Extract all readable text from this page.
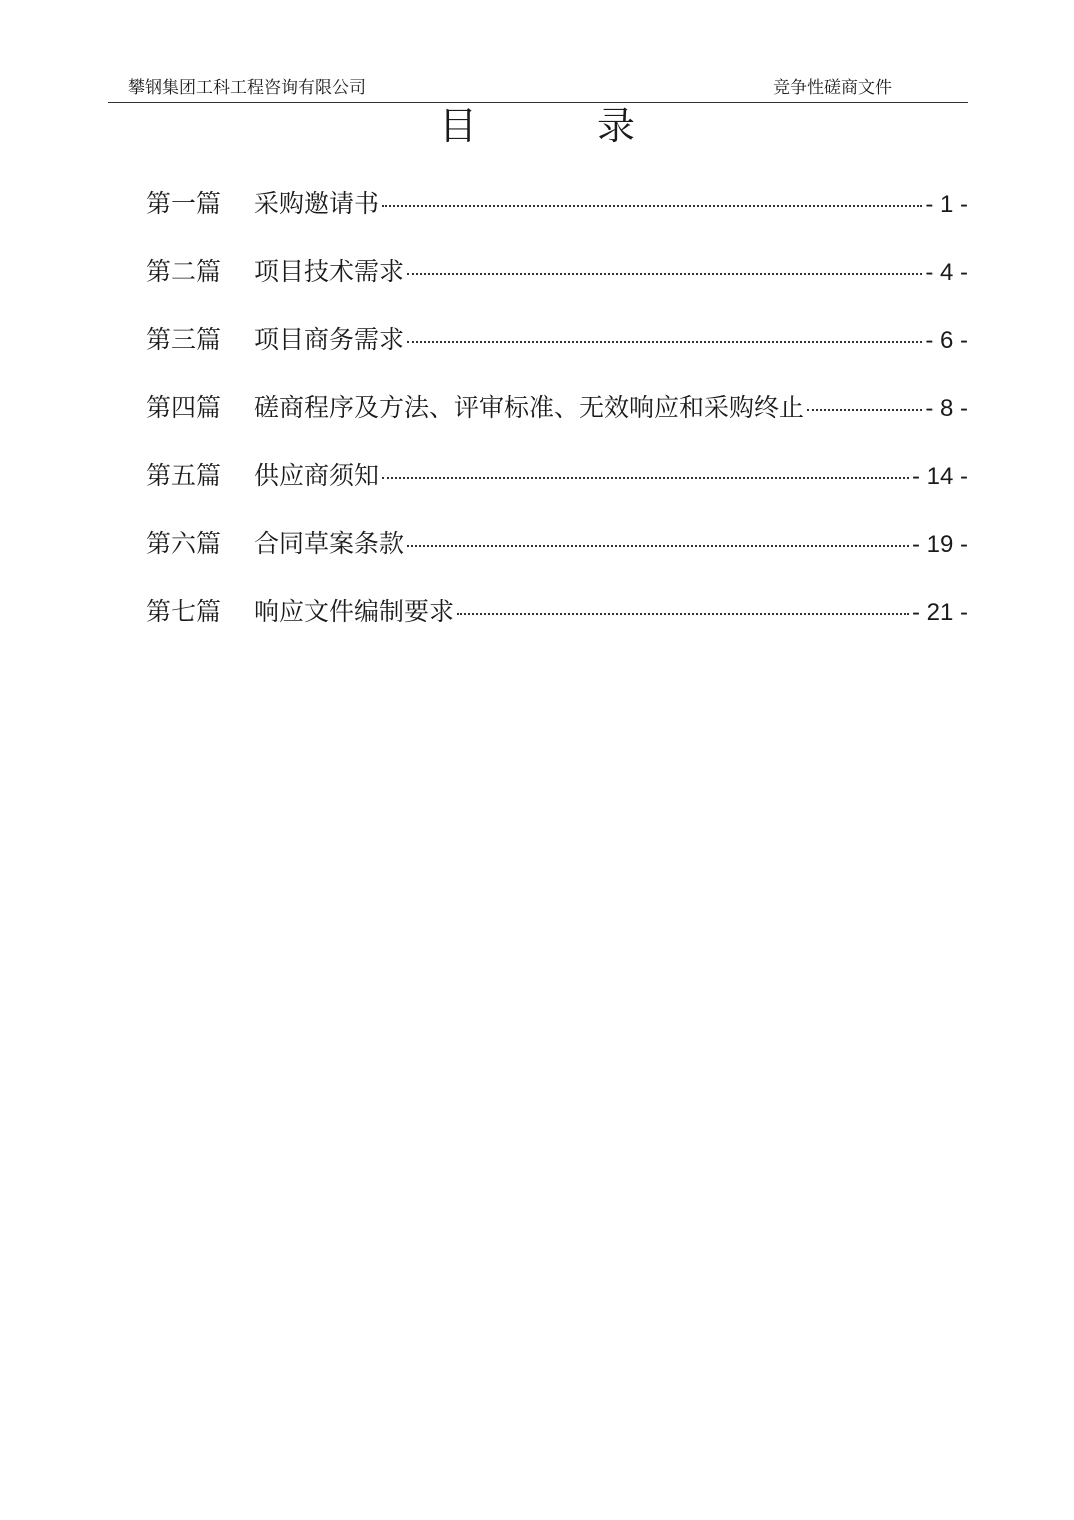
攀钢集团工科工程咨询有限公司	竞争性磋商文件
目 录
第一篇	采购邀请书	- 1 -
第二篇	项目技术需求	- 4 -
第三篇	项目商务需求	- 6 -
第四篇	磋商程序及方法、评审标准、无效响应和采购终止	- 8 -
第五篇	供应商须知	- 14 -
第六篇	合同草案条款	- 19 -
第七篇	响应文件编制要求	- 21 -
